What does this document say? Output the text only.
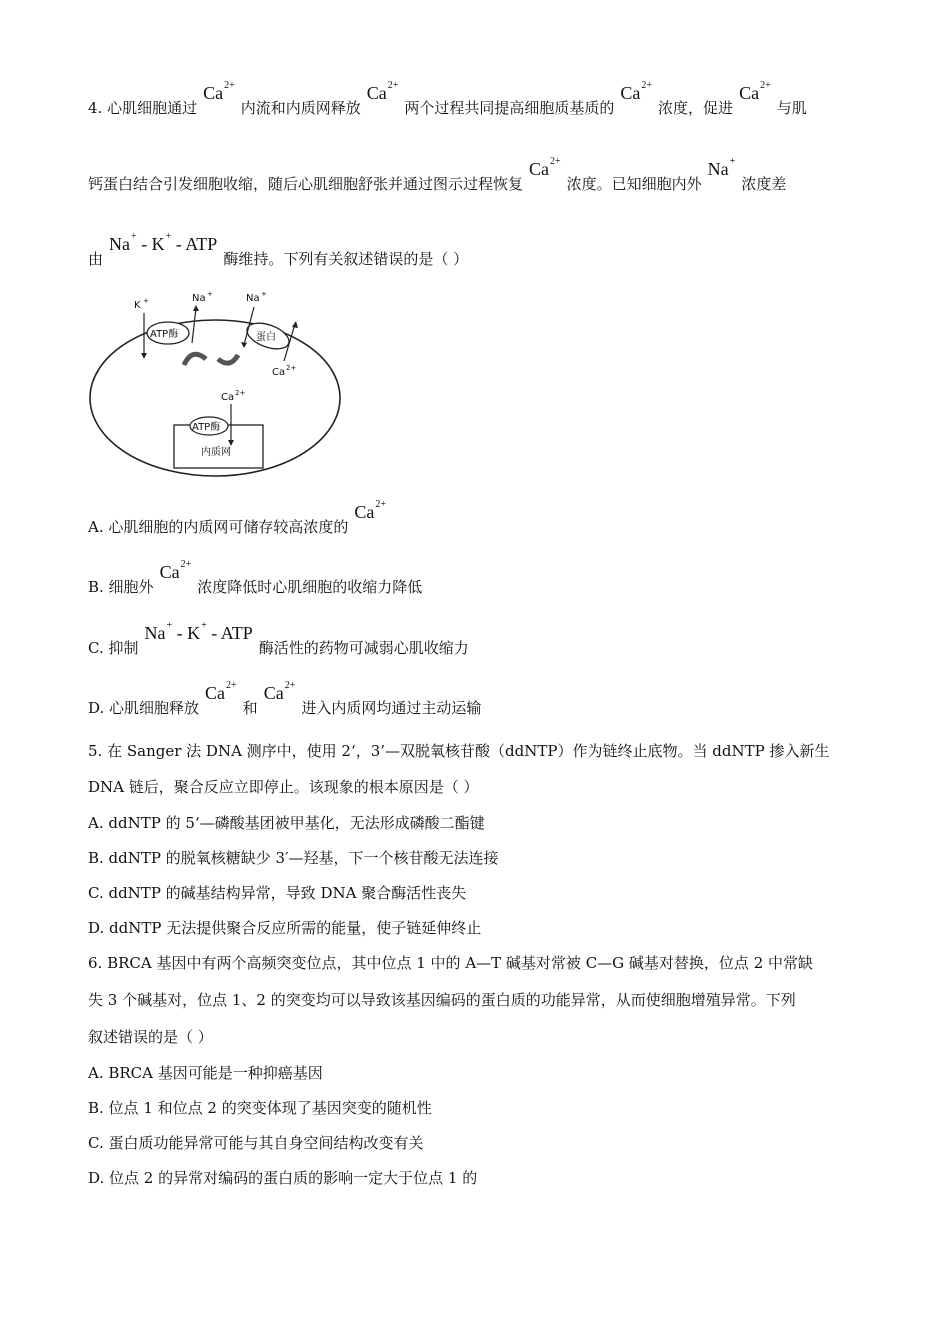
4. 心肌细胞通过$Ca^{2+}$内流和内质网释放$Ca^{2+}$两个过程共同提高细胞质基质的$Ca^{2+}$浓度，促进$Ca^{2+}$与肌
钙蛋白结合引发细胞收缩，随后心肌细胞舒张并通过图示过程恢复$Ca^{2+}$浓度。已知细胞内外Na+浓度差
由Na+ - K+ - ATP酶维持。下列有关叙述错误的是（ ）
ATP酶	蛋白
K +	Na +	Na +
Ca 2+
内质网
ATP酶
Ca 2+
A. 心肌细胞的内质网可储存较高浓度的$Ca^{2+}$
B. 细胞外$Ca^{2+}$浓度降低时心肌细胞的收缩力降低
C. 抑制Na+ - K+ - ATP酶活性的药物可减弱心肌收缩力
D. 心肌细胞释放$Ca^{2+}$和$Ca^{2+}$进入内质网均通过主动运输
5. 在 Sanger 法 DNA 测序中，使用 2‘，3’—双脱氧核苷酸（ddNTP）作为链终止底物。当 ddNTP 掺入新生
DNA 链后，聚合反应立即停止。该现象的根本原因是（ ）
A. ddNTP 的 5‘—磷酸基团被甲基化，无法形成磷酸二酯键
B. ddNTP 的脱氧核糖缺少 3′—羟基，下一个核苷酸无法连接
C. ddNTP 的碱基结构异常，导致 DNA 聚合酶活性丧失
D. ddNTP 无法提供聚合反应所需的能量，使子链延伸终止
6. BRCA 基因中有两个高频突变位点，其中位点 1 中的 A—T 碱基对常被 C—G 碱基对替换，位点 2 中常缺
失 3 个碱基对，位点 1、2 的突变均可以导致该基因编码的蛋白质的功能异常，从而使细胞增殖异常。下列
叙述错误的是（ ）
A. BRCA 基因可能是一种抑癌基因
B. 位点 1 和位点 2 的突变体现了基因突变的随机性
C. 蛋白质功能异常可能与其自身空间结构改变有关
D. 位点 2 的异常对编码的蛋白质的影响一定大于位点 1 的
